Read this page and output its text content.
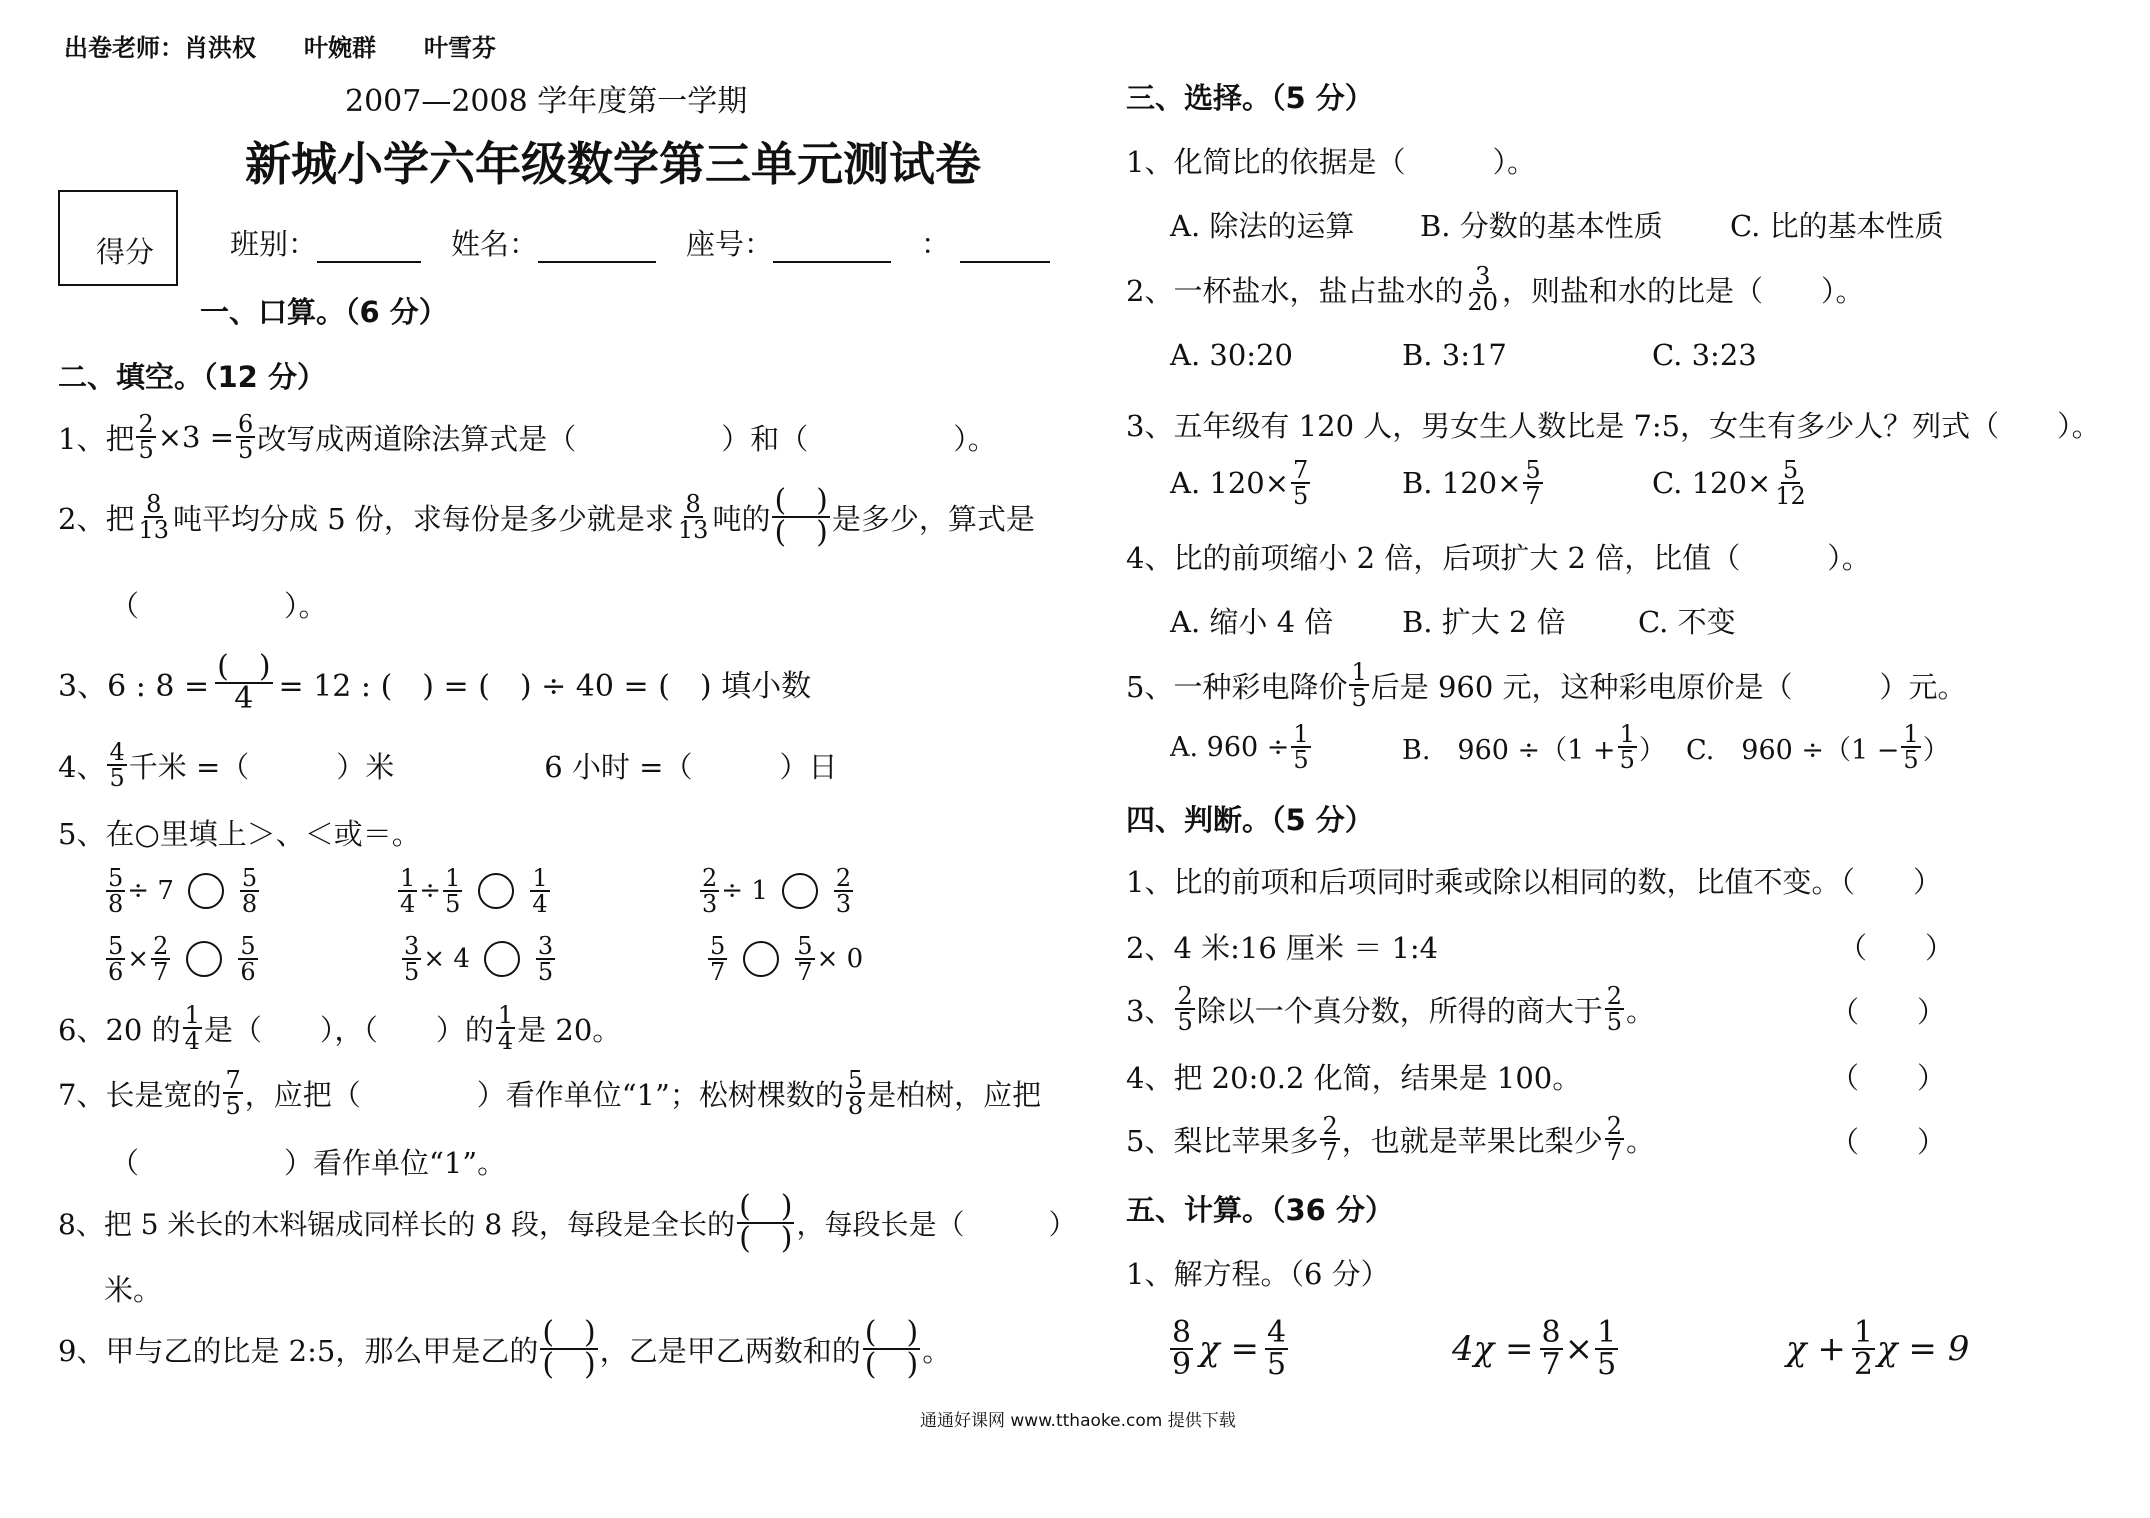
出卷老师：肖洪权　　叶婉群　　叶雪芬
2007—2008 学年度第一学期
新城小学六年级数学第三单元测试卷
得分	班别：	姓名：	座号：	：
一、口算。（6 分）
二、填空。（12 分）
1、把 $\frac{2}{5} \times 3 = \frac{6}{5}$ 改写成两道除法算式是（　　　　　）和（　　　　　）。
2、把 $\frac{8}{13}$ 吨平均分成 5 份，求每份是多少就是求 $\frac{8}{13}$ 吨的 $\frac{( )}{( )}$ 是多少，算式是
（　　　　　）。
3、6 : $8 = \frac{( )}{4} = 12$ : (　) = (　) ÷ 40 = (　) 填小数
4、 $\frac{4}{5}$ 千米 =（　　　）米	6 小时 =（　　　）日
5、在○里填上＞、＜或＝。
$\frac{5}{8} \div 7$	$\frac{5}{8}$	$\frac{1}{4} \div \frac{1}{5}$	$\frac{1}{4}$	$\frac{2}{3} \div 1$	$\frac{2}{3}$
$\frac{5}{6} \times \frac{2}{7}$	$\frac{5}{6}$	$\frac{3}{5} \times 4$	$\frac{3}{5}$	$\frac{5}{7}$	$\frac{5}{7} \times 0$
6、20 的 $\frac{1}{4}$ 是（　　），（　　）的 $\frac{1}{4}$ 是 20。
7、长是宽的 $\frac{7}{5}$ ，应把（　　　　）看作单位“1”；松树棵数的 $\frac{5}{8}$ 是柏树，应把
（　　　　　）看作单位“1”。
8、把 5 米长的木料锯成同样长的 8 段，每段是全长的 $\frac{( )}{( )}$ ，每段长是（　　　）
米。
9、甲与乙的比是 2:5，那么甲是乙的 $\frac{( )}{( )}$ ，乙是甲乙两数和的 $\frac{( )}{( )}$ 。
三、选择。（5 分）
1、化简比的依据是（　　　）。
A. 除法的运算	B. 分数的基本性质	C. 比的基本性质
2、一杯盐水，盐占盐水的 $\frac{3}{20}$ ，则盐和水的比是（　　）。
A. 30:20	B. 3:17	C. 3:23
3、五年级有 120 人，男女生人数比是 7:5，女生有多少人？列式（　　）。
A. $120\times \frac{7}{5}$	B. $120\times \frac{5}{7}$	C. $120\times \frac{5}{12}$
4、比的前项缩小 2 倍，后项扩大 2 倍，比值（　　　）。
A. 缩小 4 倍	B. 扩大 2 倍	C. 不变
5、一种彩电降价 $\frac{1}{5}$ 后是 960 元，这种彩电原价是（　　　）元。
A. $960 \div \frac{1}{5}$	B.　$960 \div(1 + \frac{1}{5}$ ） C.　$960 \div(1 - \frac{1}{5}$ ）
四、判断。（5 分）
1、比的前项和后项同时乘或除以相同的数，比值不变。（　　）
2、4 米:16 厘米 ＝ 1:4	（　　）
3、 $\frac{2}{5}$ 除以一个真分数，所得的商大于 $\frac{2}{5}$ 。	（　　）
4、把 20:0.2 化简，结果是 100。	（　　）
5、梨比苹果多 $\frac{2}{7}$ ，也就是苹果比梨少 $\frac{2}{7}$ 。	（　　）
五、计算。（36 分）
1、解方程。（6 分）
$\frac{8}{9}$ $\chi = \frac{4}{5}$	$4\chi = \frac{8}{7} \times \frac{1}{5}$	$\chi + \frac{1}{2}$ χ = 9
通通好课网 www.tthaoke.com 提供下载
